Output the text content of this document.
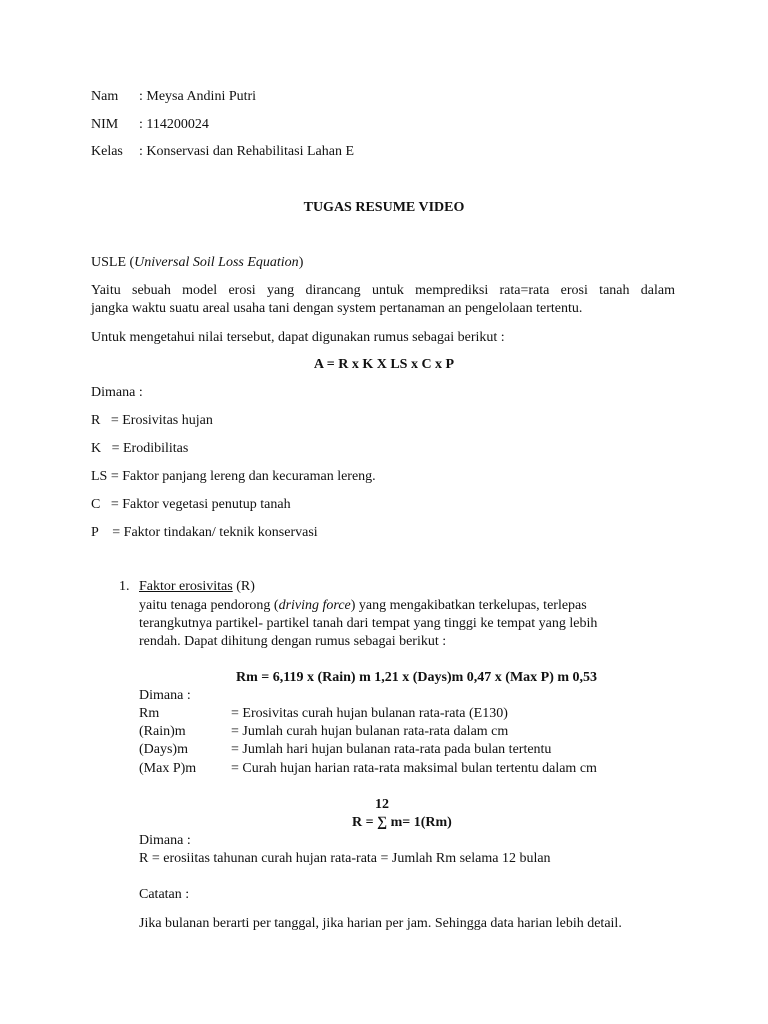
Nam : Meysa Andini Putri
NIM : 114200024
Kelas : Konservasi dan Rehabilitasi Lahan E
TUGAS RESUME VIDEO
USLE (Universal Soil Loss Equation)
Yaitu sebuah model erosi yang dirancang untuk memprediksi rata=rata erosi tanah dalam
jangka waktu suatu areal usaha tani dengan system pertanaman an pengelolaan tertentu.
Untuk mengetahui nilai tersebut, dapat digunakan rumus sebagai berikut :
A = R x K X LS x C x P
Dimana :
R   = Erosivitas hujan
K   = Erodibilitas
LS = Faktor panjang lereng dan kecuraman lereng.
C   = Faktor vegetasi penutup tanah
P    = Faktor tindakan/ teknik konservasi
1. Faktor erosivitas (R)
yaitu tenaga pendorong (driving force) yang mengakibatkan terkelupas, terlepas
terangkutnya partikel- partikel tanah dari tempat yang tinggi ke tempat yang lebih
rendah. Dapat dihitung dengan rumus sebagai berikut :
Rm = 6,119 x (Rain) m 1,21 x (Days)m 0,47 x (Max P) m 0,53
Dimana :
Rm	= Erosivitas curah hujan bulanan rata-rata (E130)
(Rain)m	= Jumlah curah hujan bulanan rata-rata dalam cm
(Days)m	= Jumlah hari hujan bulanan rata-rata pada bulan tertentu
(Max P)m = Curah hujan harian rata-rata maksimal bulan tertentu dalam cm
12
R = ∑ m= 1(Rm)
Dimana :
R = erosiitas tahunan curah hujan rata-rata = Jumlah Rm selama 12 bulan
Catatan :
Jika bulanan berarti per tanggal, jika harian per jam. Sehingga data harian lebih detail.
